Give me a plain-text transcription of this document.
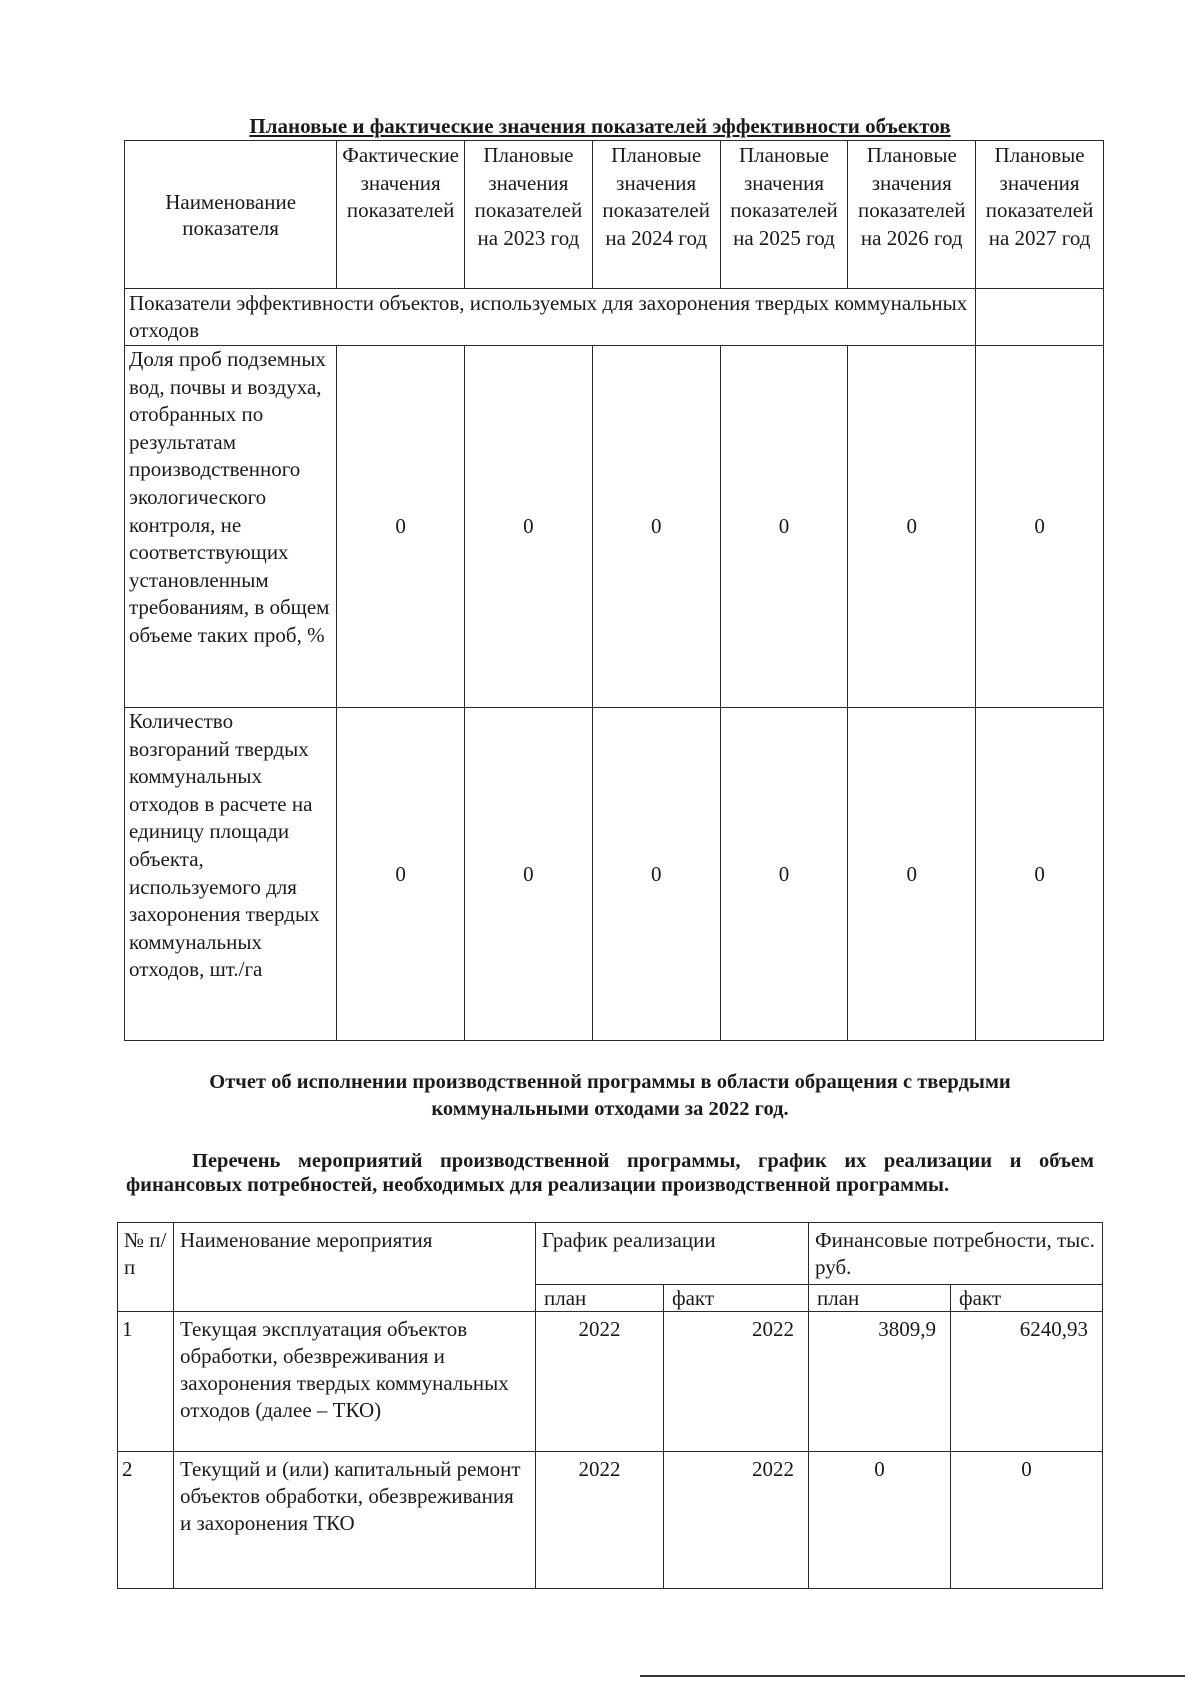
Плановые и фактические значения показателей эффективности объектов
Наименование показателя	Фактические значения показателей	Плановые значения показателей на 2023 год	Плановые значения показателей на 2024 год	Плановые значения показателей на 2025 год	Плановые значения показателей на 2026 год	Плановые значения показателей на 2027 год
Показатели эффективности объектов, используемых для захоронения твердых коммунальных отходов						
Доля проб подземных вод, почвы и воздуха, отобранных по результатам производственного экологического контроля, не соответствующих установленным требованиям, в общем объеме таких проб, %	0	0	0	0	0	0
Количество возгораний твердых коммунальных отходов в расчете на единицу площади объекта, используемого для захоронения твердых коммунальных отходов, шт./га	0	0	0	0	0	0
Отчет об исполнении производственной программы в области обращения с твердыми коммунальными отходами за 2022 год.
Перечень мероприятий производственной программы, график их реализации и объем финансовых потребностей, необходимых для реализации производственной программы.
№ п/п	Наименование мероприятия	График реализации		Финансовые потребности, тыс. руб.	
		план	факт	план	факт
1	Текущая эксплуатация объектов обработки, обезвреживания и захоронения твердых коммунальных отходов (далее – ТКО)	2022	2022	3809,9	6240,93
2	Текущий и (или) капитальный ремонт объектов обработки, обезвреживания и захоронения ТКО	2022	2022	0	0
